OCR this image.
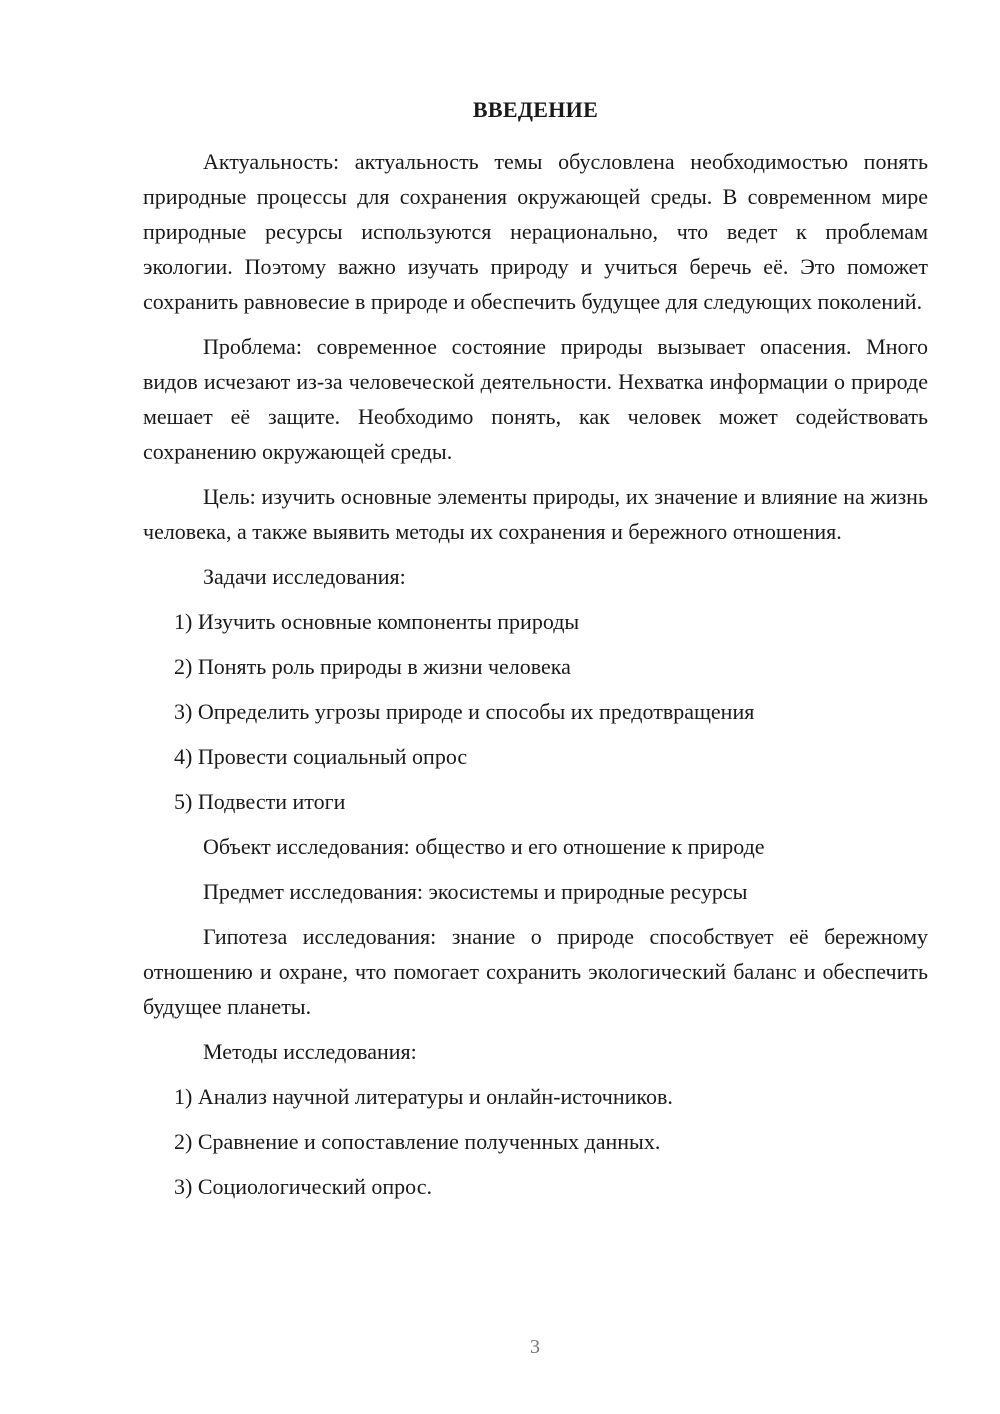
ВВЕДЕНИЕ

Актуальность: актуальность темы обусловлена необходимостью понять природные процессы для сохранения окружающей среды. В современном мире природные ресурсы используются нерационально, что ведет к проблемам экологии. Поэтому важно изучать природу и учиться беречь её. Это поможет сохранить равновесие в природе и обеспечить будущее для следующих поколений.

Проблема: современное состояние природы вызывает опасения. Много видов исчезают из-за человеческой деятельности. Нехватка информации о природе мешает её защите. Необходимо понять, как человек может содействовать сохранению окружающей среды.

Цель: изучить основные элементы природы, их значение и влияние на жизнь человека, а также выявить методы их сохранения и бережного отношения.

Задачи исследования:
1) Изучить основные компоненты природы
2) Понять роль природы в жизни человека
3) Определить угрозы природе и способы их предотвращения
4) Провести социальный опрос
5) Подвести итоги
Объект исследования: общество и его отношение к природе
Предмет исследования: экосистемы и природные ресурсы

Гипотеза исследования: знание о природе способствует её бережному отношению и охране, что помогает сохранить экологический баланс и обеспечить будущее планеты.

Методы исследования:
1) Анализ научной литературы и онлайн-источников.
2) Сравнение и сопоставление полученных данных.
3) Социологический опрос.
3
